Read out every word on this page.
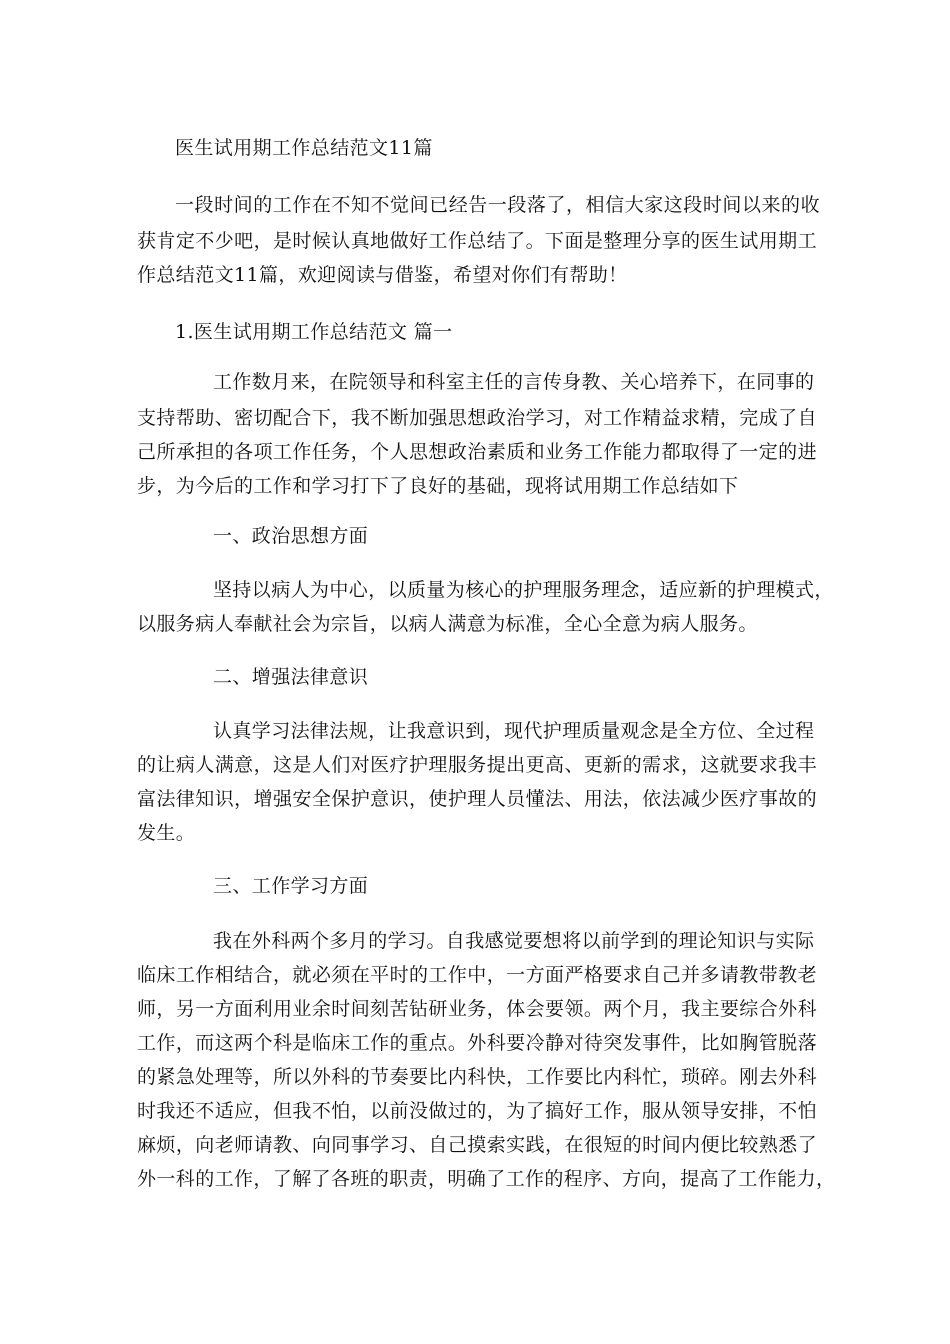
医生试用期工作总结范文11篇
一段时间的工作在不知不觉间已经告一段落了，相信大家这段时间以来的收
获肯定不少吧，是时候认真地做好工作总结了。下面是整理分享的医生试用期工
作总结范文11篇，欢迎阅读与借鉴，希望对你们有帮助！
1.医生试用期工作总结范文 篇一
工作数月来，在院领导和科室主任的言传身教、关心培养下，在同事的
支持帮助、密切配合下，我不断加强思想政治学习，对工作精益求精，完成了自
己所承担的各项工作任务，个人思想政治素质和业务工作能力都取得了一定的进
步，为今后的工作和学习打下了良好的基础，现将试用期工作总结如下
一、政治思想方面
坚持以病人为中心，以质量为核心的护理服务理念，适应新的护理模式，
以服务病人奉献社会为宗旨，以病人满意为标准，全心全意为病人服务。
二、增强法律意识
认真学习法律法规，让我意识到，现代护理质量观念是全方位、全过程
的让病人满意，这是人们对医疗护理服务提出更高、更新的需求，这就要求我丰
富法律知识，增强安全保护意识，使护理人员懂法、用法，依法减少医疗事故的
发生。
三、工作学习方面
我在外科两个多月的学习。自我感觉要想将以前学到的理论知识与实际
临床工作相结合，就必须在平时的工作中，一方面严格要求自己并多请教带教老
师，另一方面利用业余时间刻苦钻研业务，体会要领。两个月，我主要综合外科
工作，而这两个科是临床工作的重点。外科要冷静对待突发事件，比如胸管脱落
的紧急处理等，所以外科的节奏要比内科快，工作要比内科忙，琐碎。刚去外科
时我还不适应，但我不怕，以前没做过的，为了搞好工作，服从领导安排，不怕
麻烦，向老师请教、向同事学习、自己摸索实践，在很短的时间内便比较熟悉了
外一科的工作，了解了各班的职责，明确了工作的程序、方向，提高了工作能力，
